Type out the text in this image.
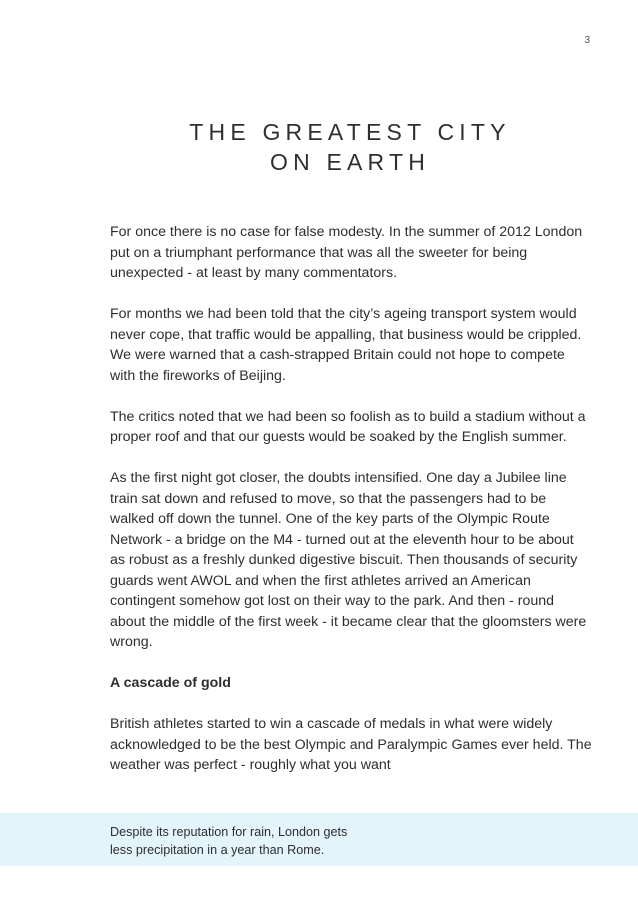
3
THE GREATEST CITY
ON EARTH

For once there is no case for false modesty. In the summer of 2012 London put on a triumphant performance that was all the sweeter for being unexpected - at least by many commentators.

For months we had been told that the city’s ageing transport system would never cope, that traffic would be appalling, that business would be crippled. We were warned that a cash-strapped Britain could not hope to compete with the fireworks of Beijing.

The critics noted that we had been so foolish as to build a stadium without a proper roof and that our guests would be soaked by the English summer.

As the first night got closer, the doubts intensified. One day a Jubilee line train sat down and refused to move, so that the passengers had to be walked off down the tunnel. One of the key parts of the Olympic Route Network - a bridge on the M4 - turned out at the eleventh hour to be about as robust as a freshly dunked digestive biscuit. Then thousands of security guards went AWOL and when the first athletes arrived an American contingent somehow got lost on their way to the park. And then - round about the middle of the first week - it became clear that the gloomsters were wrong.

A cascade of gold

British athletes started to win a cascade of medals in what were widely acknowledged to be the best Olympic and Paralympic Games ever held. The weather was perfect - roughly what you want

Despite its reputation for rain, London gets
less precipitation in a year than Rome.
